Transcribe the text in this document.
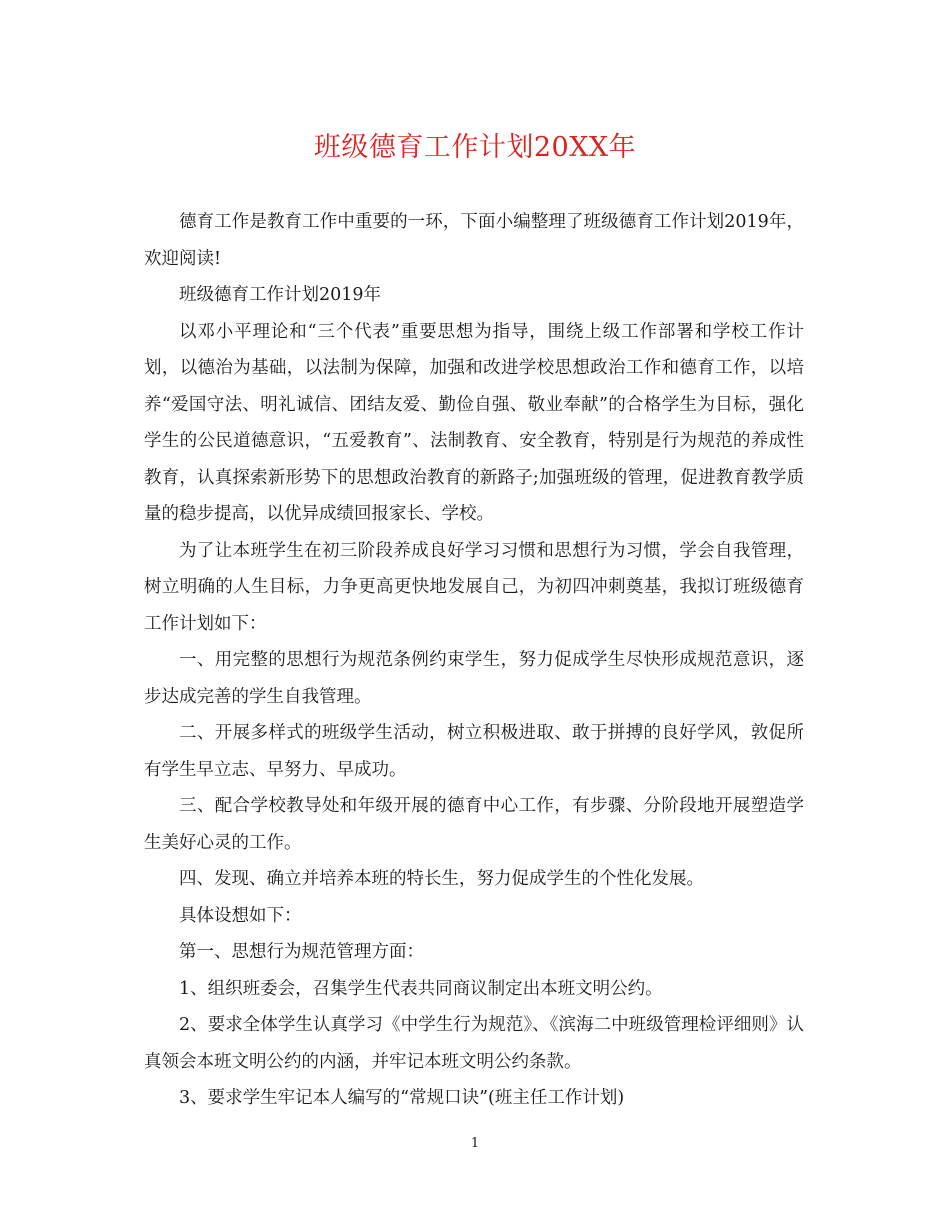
班级德育工作计划20XX年

德育工作是教育工作中重要的一环，下面小编整理了班级德育工作计划2019年，欢迎阅读!

班级德育工作计划2019年

以邓小平理论和“三个代表”重要思想为指导，围绕上级工作部署和学校工作计划，以德治为基础，以法制为保障，加强和改进学校思想政治工作和德育工作，以培养“爱国守法、明礼诚信、团结友爱、勤俭自强、敬业奉献”的合格学生为目标，强化学生的公民道德意识，“五爱教育”、法制教育、安全教育，特别是行为规范的养成性教育，认真探索新形势下的思想政治教育的新路子;加强班级的管理，促进教育教学质量的稳步提高，以优异成绩回报家长、学校。

为了让本班学生在初三阶段养成良好学习习惯和思想行为习惯，学会自我管理，树立明确的人生目标，力争更高更快地发展自己，为初四冲刺奠基，我拟订班级德育工作计划如下：

一、用完整的思想行为规范条例约束学生，努力促成学生尽快形成规范意识，逐步达成完善的学生自我管理。

二、开展多样式的班级学生活动，树立积极进取、敢于拼搏的良好学风，敦促所有学生早立志、早努力、早成功。

三、配合学校教导处和年级开展的德育中心工作，有步骤、分阶段地开展塑造学生美好心灵的工作。

四、发现、确立并培养本班的特长生，努力促成学生的个性化发展。

具体设想如下：

第一、思想行为规范管理方面：

1、组织班委会，召集学生代表共同商议制定出本班文明公约。

2、要求全体学生认真学习《中学生行为规范》、《滨海二中班级管理检评细则》认真领会本班文明公约的内涵，并牢记本班文明公约条款。

3、要求学生牢记本人编写的“常规口诀”(班主任工作计划)

1
